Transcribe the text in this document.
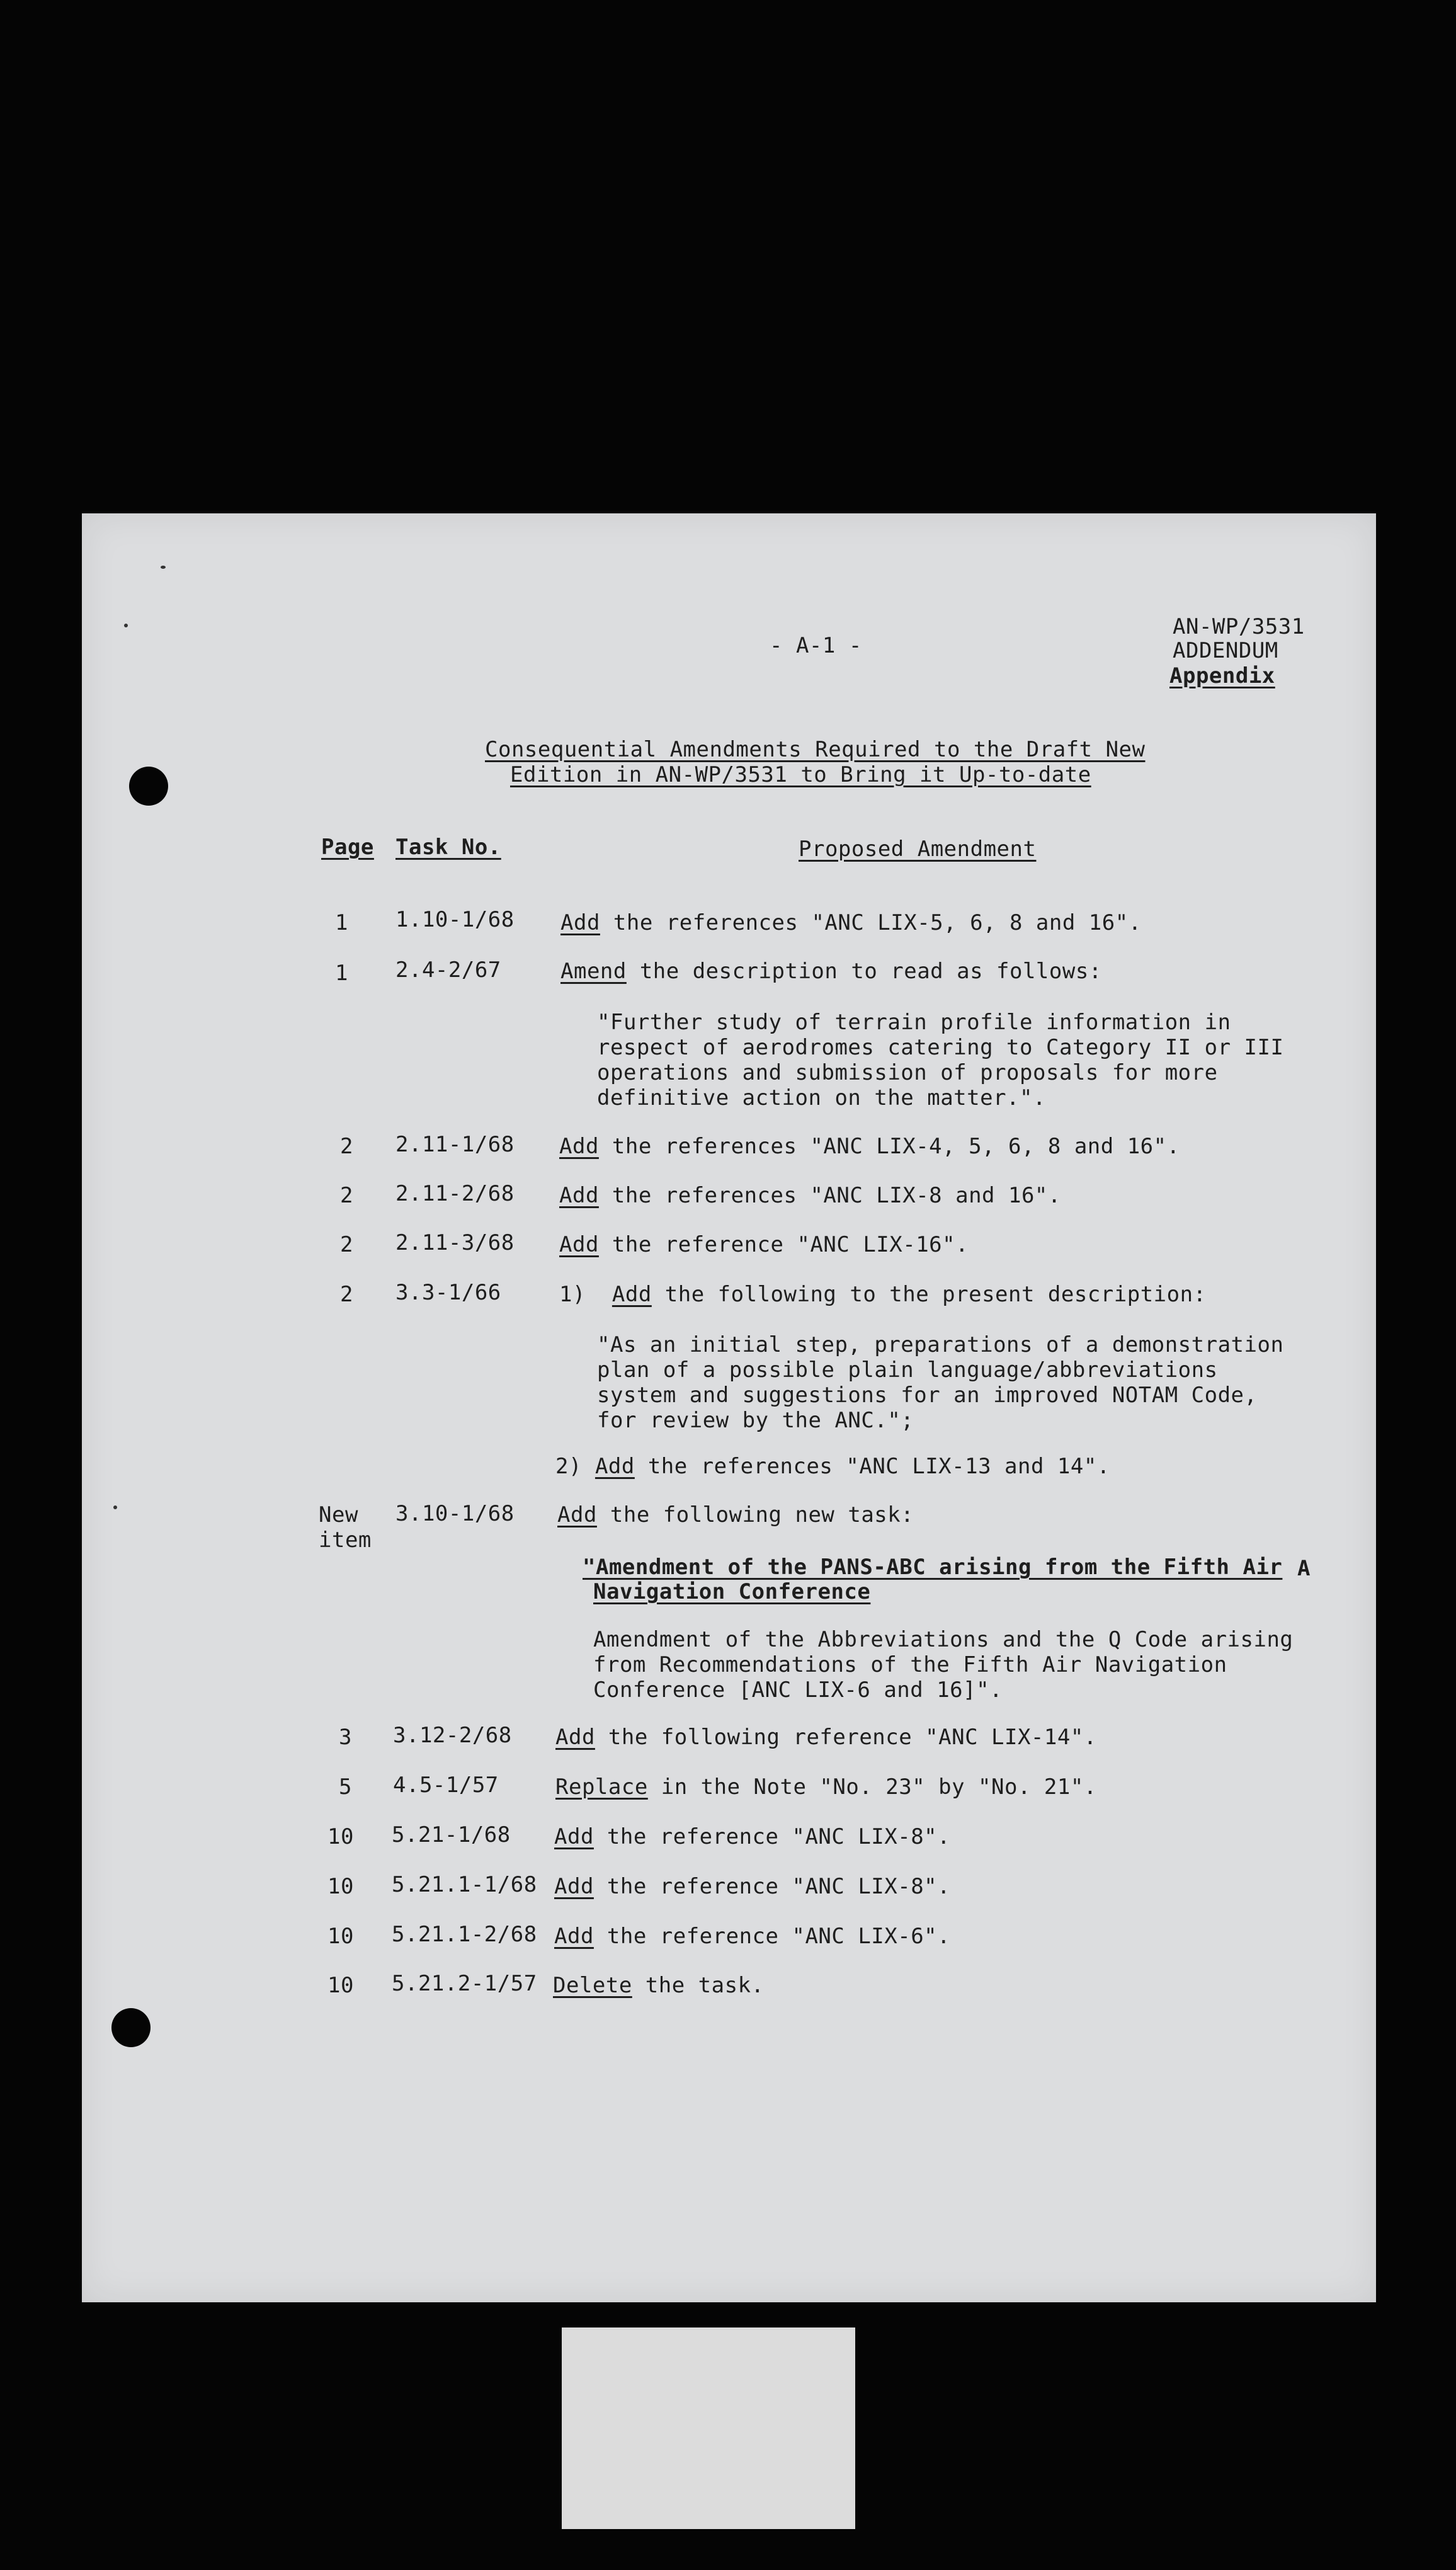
- A-1 -
AN-WP/3531
ADDENDUM
Appendix
Consequential Amendments Required to the Draft New
Edition in AN-WP/3531 to Bring it Up-to-date
Page Task No.	Proposed Amendment
1 1.10-1/68 Add the references "ANC LIX-5, 6, 8 and 16".
1 2.4-2/67	Amend the description to read as follows:
"Further study of terrain profile information in
respect of aerodromes catering to Category II or III
operations and submission of proposals for more
definitive action on the matter.".
2 2.11-1/68 Add the references "ANC LIX-4, 5, 6, 8 and 16".
2 2.11-2/68 Add the references "ANC LIX-8 and 16".
2 2.11-3/68 Add the reference "ANC LIX-16".
2 3.3-1/66	1) Add the following to the present description:
"As an initial step, preparations of a demonstration
plan of a possible plain language/abbreviations
system and suggestions for an improved NOTAM Code,
for review by the ANC.";
2) Add the references "ANC LIX-13 and 14".
New
item
3.10-1/68 Add the following new task:
"Amendment of the PANS-ABC arising from the Fifth Air
Navigation Conference
A
Amendment of the Abbreviations and the Q Code arising
from Recommendations of the Fifth Air Navigation
Conference [ANC LIX-6 and 16]".
3 3.12-2/68 Add the following reference "ANC LIX-14".
5 4.5-1/57	Replace in the Note "No. 23" by "No. 21".
10 5.21-1/68 Add the reference "ANC LIX-8".
10 5.21.1-1/68 Add the reference "ANC LIX-8".
10 5.21.1-2/68 Add the reference "ANC LIX-6".
10 5.21.2-1/57 Delete the task.
